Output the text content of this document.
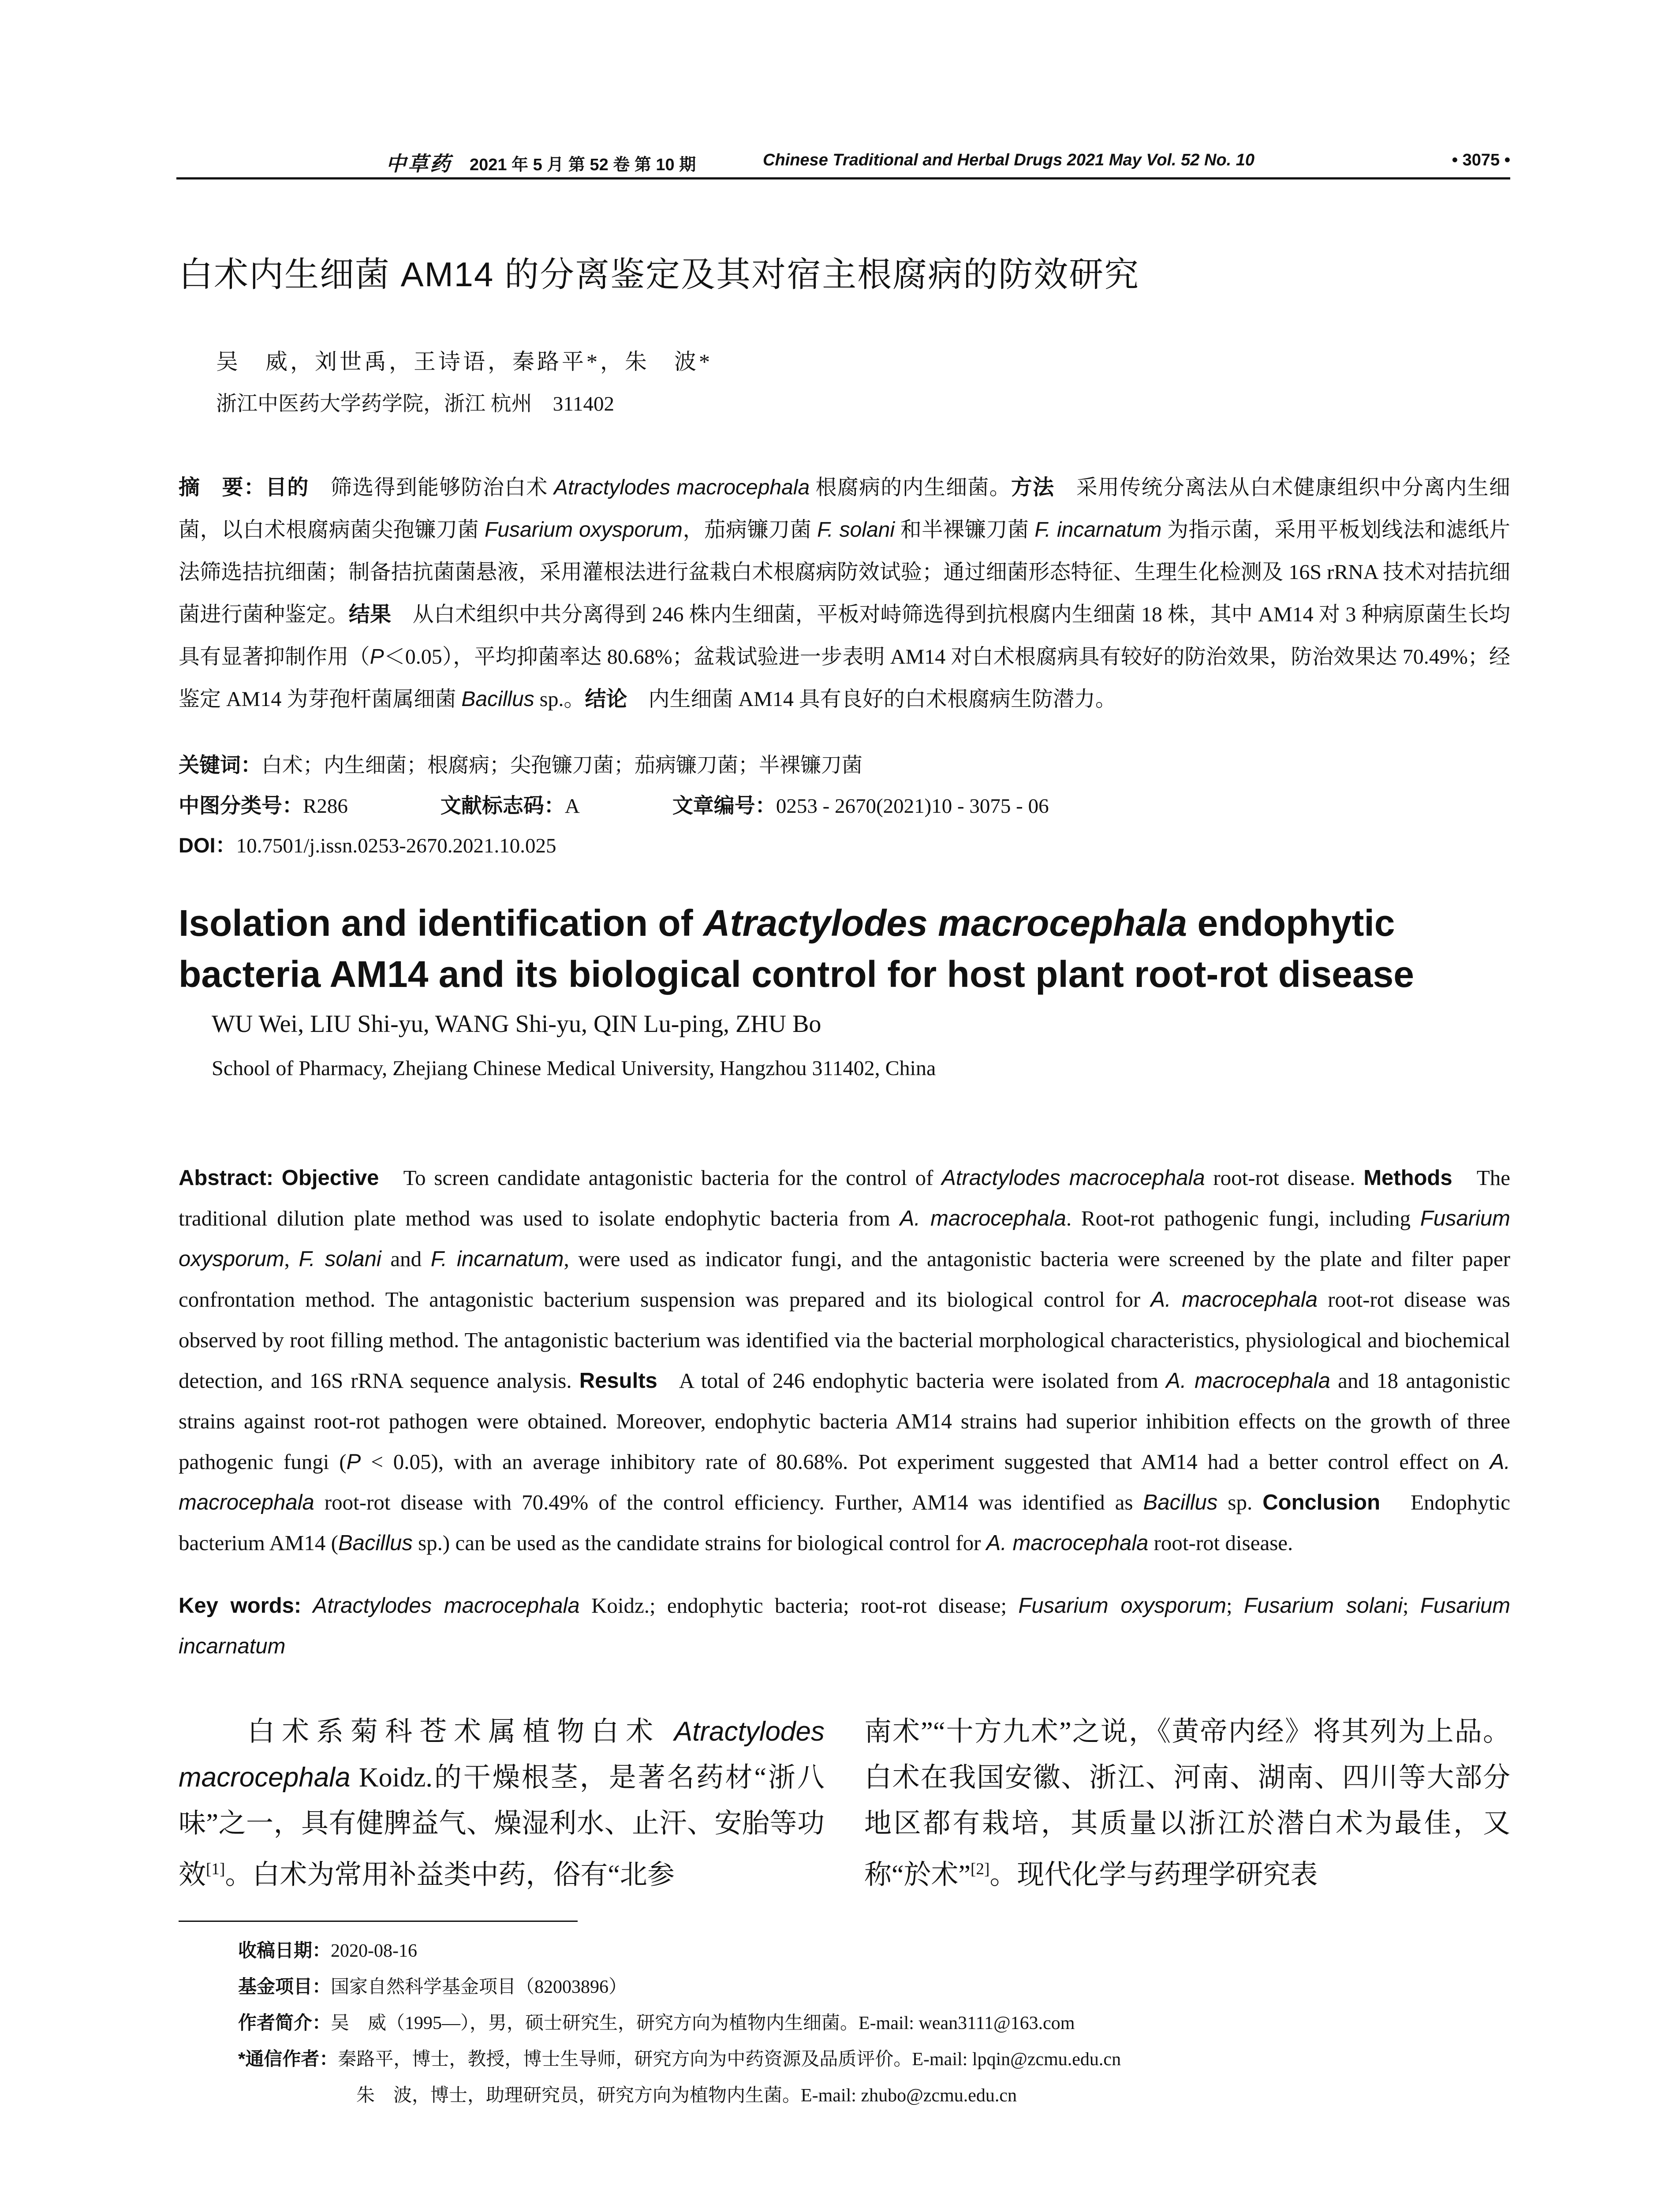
中草药 2021 年 5 月 第 52 卷 第 10 期	Chinese Traditional and Herbal Drugs 2021 May Vol. 52 No. 10	• 3075 •
白术内生细菌 AM14 的分离鉴定及其对宿主根腐病的防效研究
吴　威，刘世禹，王诗语，秦路平*，朱　波*
浙江中医药大学药学院，浙江 杭州　311402
摘　要：目的　 筛选得到能够防治白术 Atractylodes macrocephala 根腐病的内生细菌。方法　 采用传统分离法从白术健康组织中分离内生细菌，以白术根腐病菌尖孢镰刀菌 Fusarium oxysporum，茄病镰刀菌 F. solani 和半裸镰刀菌 F. incarnatum 为指示菌，采用平板划线法和滤纸片法筛选拮抗细菌；制备拮抗菌菌悬液，采用灌根法进行盆栽白术根腐病防效试验；通过细菌形态特征、生理生化检测及 16S rRNA 技术对拮抗细菌进行菌种鉴定。结果　 从白术组织中共分离得到 246 株内生细菌，平板对峙筛选得到抗根腐内生细菌 18 株，其中 AM14 对 3 种病原菌生长均具有显著抑制作用（P＜0.05），平均抑菌率达 80.68%；盆栽试验进一步表明 AM14 对白术根腐病具有较好的防治效果，防治效果达 70.49%；经鉴定 AM14 为芽孢杆菌属细菌 Bacillus sp.。结论　 内生细菌 AM14 具有良好的白术根腐病生防潜力。
关键词：白术；内生细菌；根腐病；尖孢镰刀菌；茄病镰刀菌；半裸镰刀菌
中图分类号：R286	文献标志码：A	文章编号：0253 - 2670(2021)10 - 3075 - 06
DOI：10.7501/j.issn.0253-2670.2021.10.025
Isolation and identification of Atractylodes macrocephala endophytic bacteria AM14 and its biological control for host plant root-rot disease
WU Wei, LIU Shi-yu, WANG Shi-yu, QIN Lu-ping, ZHU Bo
School of Pharmacy, Zhejiang Chinese Medical University, Hangzhou 311402, China
Abstract: Objective To screen candidate antagonistic bacteria for the control of Atractylodes macrocephala root-rot disease. Methods The traditional dilution plate method was used to isolate endophytic bacteria from A. macrocephala. Root-rot pathogenic fungi, including Fusarium oxysporum, F. solani and F. incarnatum, were used as indicator fungi, and the antagonistic bacteria were screened by the plate and filter paper confrontation method. The antagonistic bacterium suspension was prepared and its biological control for A. macrocephala root-rot disease was observed by root filling method. The antagonistic bacterium was identified via the bacterial morphological characteristics, physiological and biochemical detection, and 16S rRNA sequence analysis. Results A total of 246 endophytic bacteria were isolated from A. macrocephala and 18 antagonistic strains against root-rot pathogen were obtained. Moreover, endophytic bacteria AM14 strains had superior inhibition effects on the growth of three pathogenic fungi (P < 0.05), with an average inhibitory rate of 80.68%. Pot experiment suggested that AM14 had a better control effect on A. macrocephala root-rot disease with 70.49% of the control efficiency. Further, AM14 was identified as Bacillus sp. Conclusion Endophytic bacterium AM14 (Bacillus sp.) can be used as the candidate strains for biological control for A. macrocephala root-rot disease.
Key words: Atractylodes macrocephala Koidz.; endophytic bacteria; root-rot disease; Fusarium oxysporum; Fusarium solani; Fusarium incarnatum
　　白术系菊科苍术属植物白术 Atractylodes macrocephala Koidz.的干燥根茎，是著名药材“浙八味”之一，具有健脾益气、燥湿利水、止汗、安胎等功效[1]。白术为常用补益类中药，俗有“北参
南术”“十方九术”之说，《黄帝内经》将其列为上品。白术在我国安徽、浙江、河南、湖南、四川等大部分地区都有栽培，其质量以浙江於潜白术为最佳，又称“於术”[2]。现代化学与药理学研究表
收稿日期：2020-08-16
基金项目：国家自然科学基金项目（82003896）
作者简介：吴　威（1995—），男，硕士研究生，研究方向为植物内生细菌。E-mail: wean3111@163.com
*通信作者：秦路平，博士，教授，博士生导师，研究方向为中药资源及品质评价。E-mail: lpqin@zcmu.edu.cn
朱　波，博士，助理研究员，研究方向为植物内生菌。E-mail: zhubo@zcmu.edu.cn
